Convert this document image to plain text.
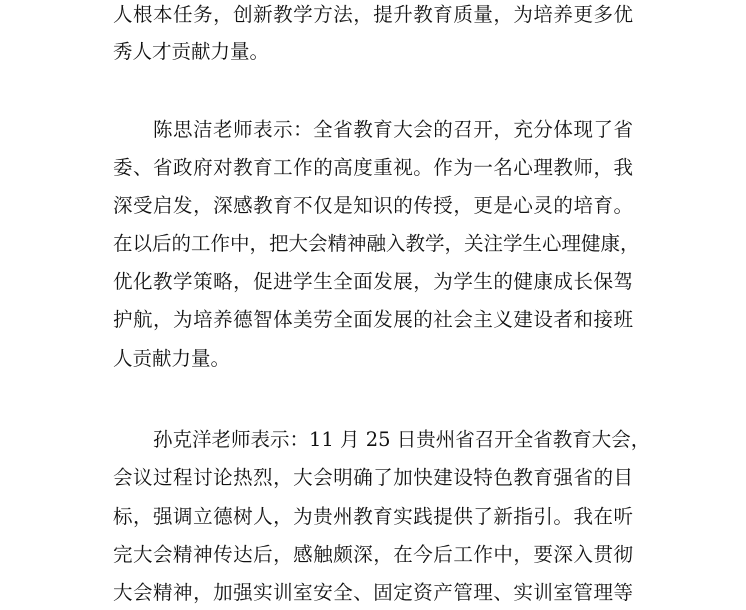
人根本任务，创新教学方法，提升教育质量，为培养更多优
秀人才贡献力量。
陈思洁老师表示：全省教育大会的召开，充分体现了省
委、省政府对教育工作的高度重视。作为一名心理教师，我
深受启发，深感教育不仅是知识的传授，更是心灵的培育。
在以后的工作中，把大会精神融入教学，关注学生心理健康，
优化教学策略，促进学生全面发展，为学生的健康成长保驾
护航，为培养德智体美劳全面发展的社会主义建设者和接班
人贡献力量。
孙克洋老师表示：11 月 25 日贵州省召开全省教育大会，
会议过程讨论热烈，大会明确了加快建设特色教育强省的目
标，强调立德树人，为贵州教育实践提供了新指引。我在听
完大会精神传达后，感触颇深，在今后工作中，要深入贯彻
大会精神，加强实训室安全、固定资产管理、实训室管理等
